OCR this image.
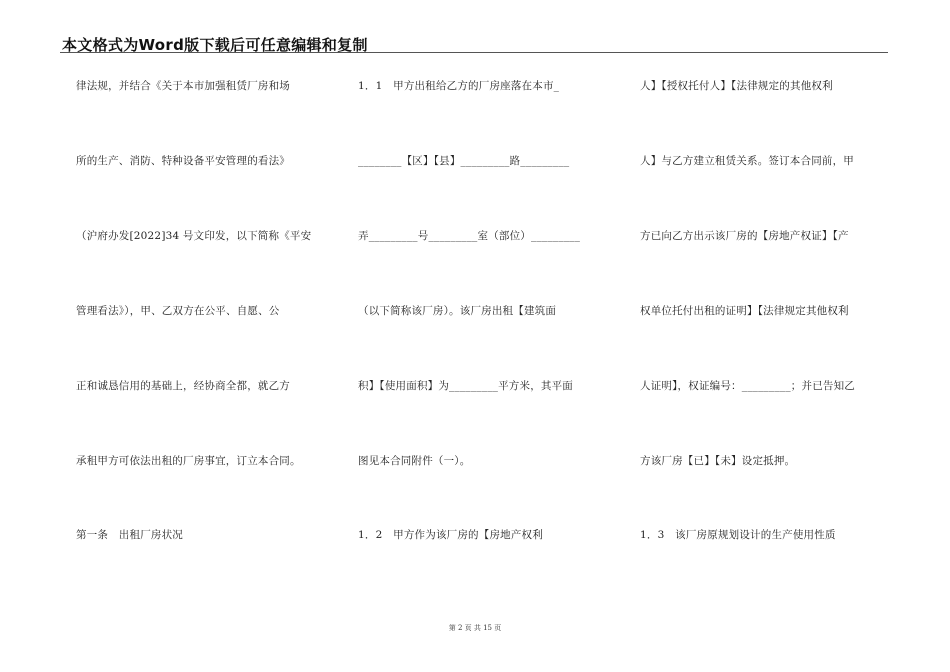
本文格式为Word版下载后可任意编辑和复制
律法规，并结合《关于本市加强租赁厂房和场
所的生产、消防、特种设备平安管理的看法》
（沪府办发[2022]34 号文印发，以下简称《平安
管理看法》），甲、乙双方在公平、自愿、公
正和诚恳信用的基础上，经协商全都，就乙方
承租甲方可依法出租的厂房事宜，订立本合同。
第一条　出租厂房状况
1．1　甲方出租给乙方的厂房座落在本市_
________【区】【县】_________路_________
弄_________号_________室（部位）_________
（以下简称该厂房）。该厂房出租【建筑面
积】【使用面积】为_________平方米，其平面
图见本合同附件（一）。
1．2　甲方作为该厂房的【房地产权利
人】【授权托付人】【法律规定的其他权利
人】与乙方建立租赁关系。签订本合同前，甲
方已向乙方出示该厂房的【房地产权证】【产
权单位托付出租的证明】【法律规定其他权利
人证明】，权证编号：_________；并已告知乙
方该厂房【已】【未】设定抵押。
1．3　该厂房原规划设计的生产使用性质
第 2 页 共 15 页
